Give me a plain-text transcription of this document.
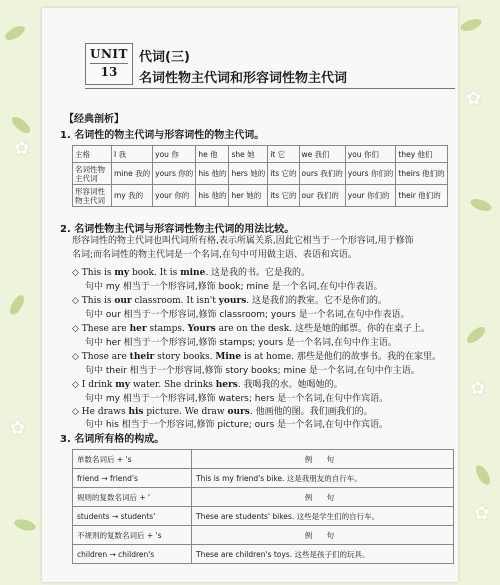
✿
✿
✿
✿
✿
UNIT
13
代词(三)
名词性物主代词和形容词性物主代词
【经典剖析】
1. 名词性的物主代词与形容词性的物主代词。
主格	I 我	you 你	he 他	she 她	it 它	we 我们	you 你们	they 他们
名词性物主代词	mine 我的	yours 你的	his 他的	hers 她的	its 它的	ours 我们的	yours 你们的	theirs 他们的
形容词性物主代词	my 我的	your 你的	his 他的	her 她的	its 它的	our 我们的	your 你们的	their 他们的
2. 名词性物主代词与形容词性物主代词的用法比较。
形容词性的物主代词也叫代词所有格,表示所属关系,因此它相当于一个形容词,用于修饰
名词;而名词性的物主代词是一个名词,在句中可用做主语、表语和宾语。
◇ This is my book. It is mine. 这是我的书。它是我的。
句中 my 相当于一个形容词,修饰 book; mine 是一个名词,在句中作表语。
◇ This is our classroom. It isn't yours. 这是我们的教室。它不是你们的。
句中 our 相当于一个形容词,修饰 classroom; yours 是一个名词,在句中作表语。
◇ These are her stamps. Yours are on the desk. 这些是她的邮票。你的在桌子上。
句中 her 相当于一个形容词,修饰 stamps; yours 是一个名词,在句中作主语。
◇ Those are their story books. Mine is at home. 那些是他们的故事书。我的在家里。
句中 their 相当于一个形容词,修饰 story books; mine 是一个名词,在句中作主语。
◇ I drink my water. She drinks hers. 我喝我的水。她喝她的。
句中 my 相当于一个形容词,修饰 waters; hers 是一个名词,在句中作宾语。
◇ He draws his picture. We draw ours. 他画他的图。我们画我们的。
句中 his 相当于一个形容词,修饰 picture; ours 是一个名词,在句中作宾语。
3. 名词所有格的构成。
单数名词后 + 's	例 句
friend → friend's	This is my friend's bike. 这是我朋友的自行车。
规则的复数名词后 + '	例 句
students → students'	These are students' bikes. 这些是学生们的自行车。
不规则的复数名词后 + 's	例 句
children → children's	These are children's toys. 这些是孩子们的玩具。
